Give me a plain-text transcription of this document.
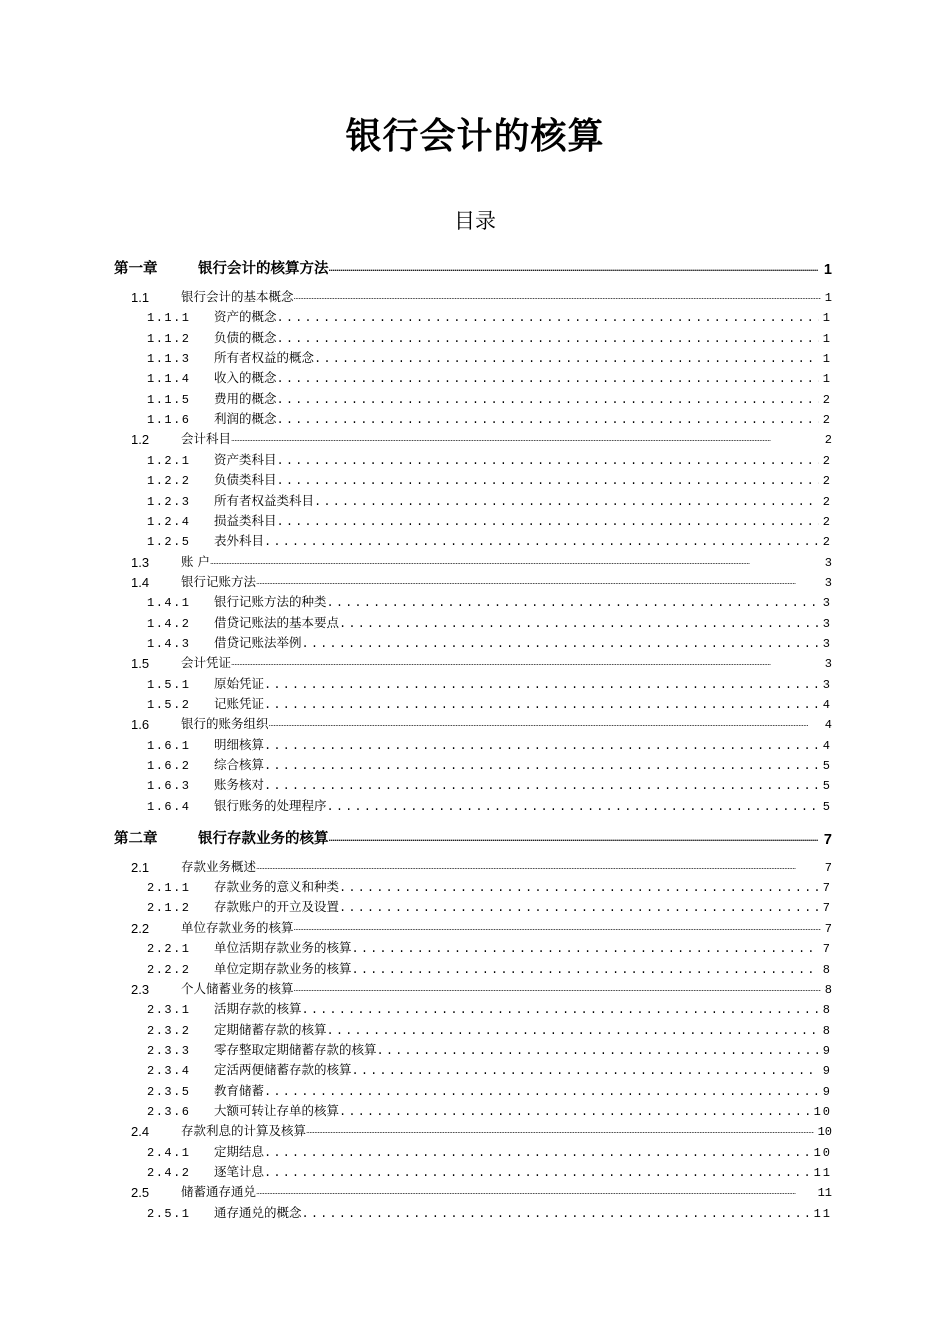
银行会计的核算
目录
第一章	银行会计的核算方法 .....	1
1.1	银行会计的基本概念 .....	1
1.1.1	资产的概念 .....	1
1.1.2	负债的概念 .....	1
1.1.3	所有者权益的概念 .....	1
1.1.4	收入的概念 .....	1
1.1.5	费用的概念 .....	2
1.1.6	利润的概念 .....	2
1.2	会计科目 .....	2
1.2.1	资产类科目 .....	2
1.2.2	负债类科目 .....	2
1.2.3	所有者权益类科目 .....	2
1.2.4	损益类科目 .....	2
1.2.5	表外科目 .....	2
1.3	账 户 .....	3
1.4	银行记账方法 .....	3
1.4.1	银行记账方法的种类 .....	3
1.4.2	借贷记账法的基本要点 .....	3
1.4.3	借贷记账法举例 .....	3
1.5	会计凭证 .....	3
1.5.1	原始凭证 .....	3
1.5.2	记账凭证 .....	4
1.6	银行的账务组织 .....	4
1.6.1	明细核算 .....	4
1.6.2	综合核算 .....	5
1.6.3	账务核对 .....	5
1.6.4	银行账务的处理程序 .....	5
第二章	银行存款业务的核算 .....	7
2.1	存款业务概述 .....	7
2.1.1	存款业务的意义和种类 .....	7
2.1.2	存款账户的开立及设置 .....	7
2.2	单位存款业务的核算 .....	7
2.2.1	单位活期存款业务的核算 .....	7
2.2.2	单位定期存款业务的核算 .....	8
2.3	个人储蓄业务的核算 .....	8
2.3.1	活期存款的核算 .....	8
2.3.2	定期储蓄存款的核算 .....	8
2.3.3	零存整取定期储蓄存款的核算 .....	9
2.3.4	定活两便储蓄存款的核算 .....	9
2.3.5	教育储蓄 .....	9
2.3.6	大额可转让存单的核算 .....	10
2.4	存款利息的计算及核算 .....	10
2.4.1	定期结息 .....	10
2.4.2	逐笔计息 .....	11
2.5	储蓄通存通兑 .....	11
2.5.1	通存通兑的概念 .....	11
